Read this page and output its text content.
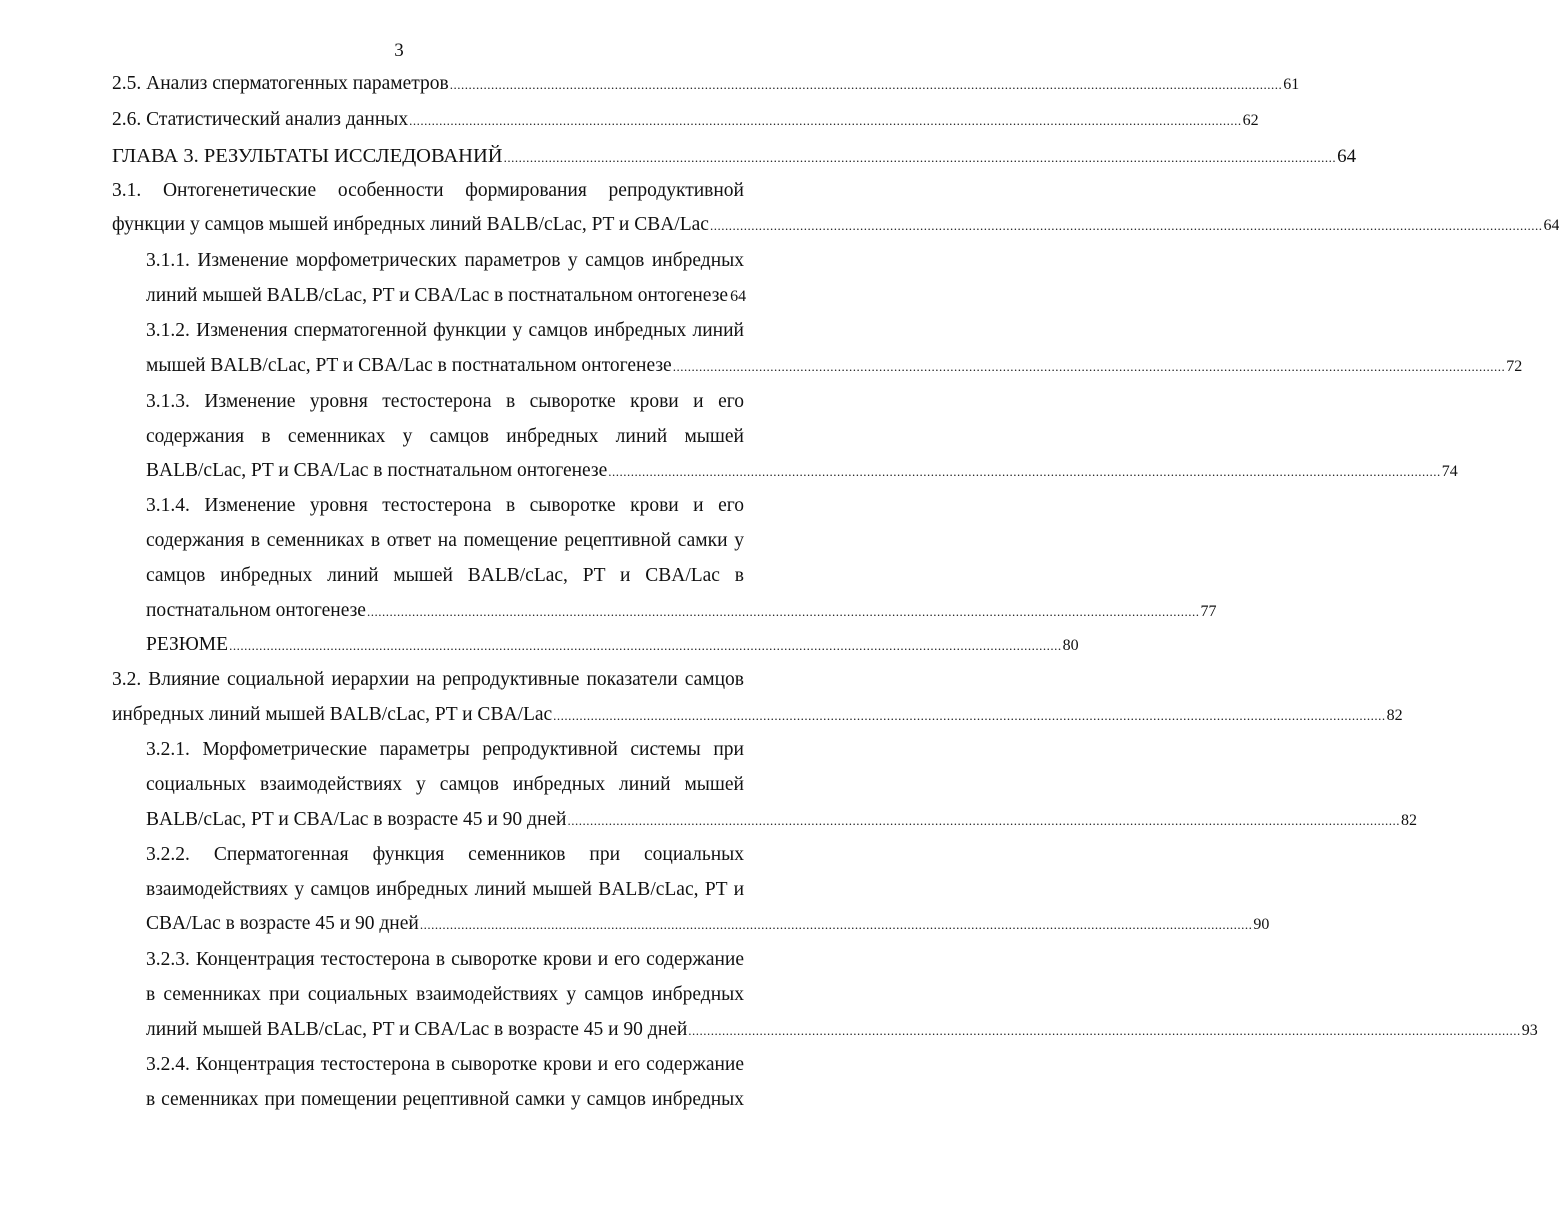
3
2.5. Анализ сперматогенных параметров .....	61
2.6. Статистический анализ данных .....	62
ГЛАВА 3. РЕЗУЛЬТАТЫ ИССЛЕДОВАНИЙ .....	64
3.1. Онтогенетические особенности формирования репродуктивной
функции у самцов мышей инбредных линий BALB/cLac, PT и CBA/Lac .....	64
3.1.1. Изменение морфометрических параметров у самцов инбредных
линий мышей BALB/cLac, PT и CBA/Lac в постнатальном онтогенезе 64
3.1.2. Изменения сперматогенной функции у самцов инбредных линий
мышей BALB/cLac, PT и CBA/Lac в постнатальном онтогенезе .....	72
3.1.3. Изменение уровня тестостерона в сыворотке крови и его
содержания в семенниках у самцов инбредных линий мышей
BALB/cLac, PT и CBA/Lac в постнатальном онтогенезе .....	74
3.1.4. Изменение уровня тестостерона в сыворотке крови и его
содержания в семенниках в ответ на помещение рецептивной самки у
самцов инбредных линий мышей BALB/cLac, PT и CBA/Lac в
постнатальном онтогенезе .....	77
РЕЗЮМЕ .....	80
3.2. Влияние социальной иерархии на репродуктивные показатели самцов
инбредных линий мышей BALB/cLac, PT и CBA/Lac .....	82
3.2.1. Морфометрические параметры репродуктивной системы при
социальных взаимодействиях у самцов инбредных линий мышей
BALB/cLac, PT и CBA/Lac в возрасте 45 и 90 дней .....	82
3.2.2. Сперматогенная функция семенников при социальных
взаимодействиях у самцов инбредных линий мышей BALB/cLac, PT и
CBA/Lac в возрасте 45 и 90 дней .....	90
3.2.3. Концентрация тестостерона в сыворотке крови и его содержание
в семенниках при социальных взаимодействиях у самцов инбредных
линий мышей BALB/cLac, PT и CBA/Lac в возрасте 45 и 90 дней .....	93
3.2.4. Концентрация тестостерона в сыворотке крови и его содержание
в семенниках при помещении рецептивной самки у самцов инбредных
